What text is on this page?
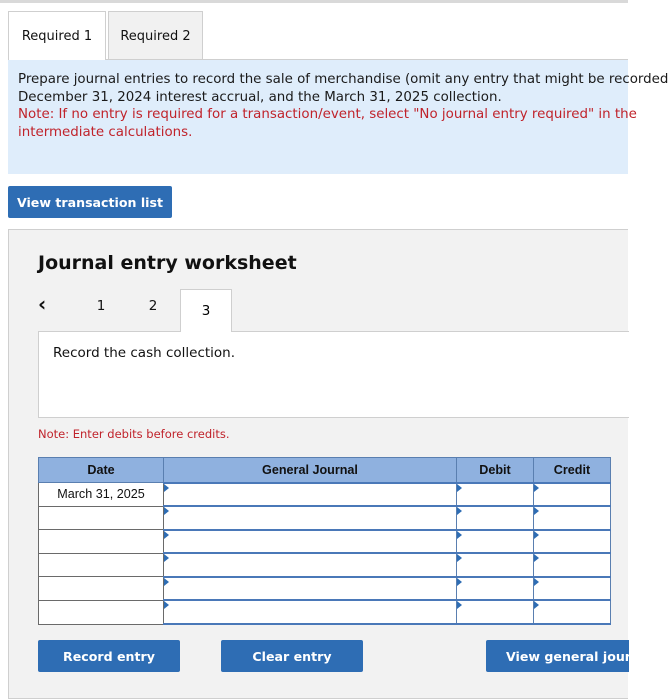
Required 1	Required 2
Prepare journal entries to record the sale of merchandise (omit any entry that might be recorded
December 31, 2024 interest accrual, and the March 31, 2025 collection.
Note: If no entry is required for a transaction/event, select "No journal entry required" in the
intermediate calculations.
View transaction list
Journal entry worksheet
‹	1	2	3
Record the cash collection.
Note: Enter debits before credits.
Date	General Journal	Debit	Credit
March 31, 2025			

Record entry	Clear entry	View general journal
